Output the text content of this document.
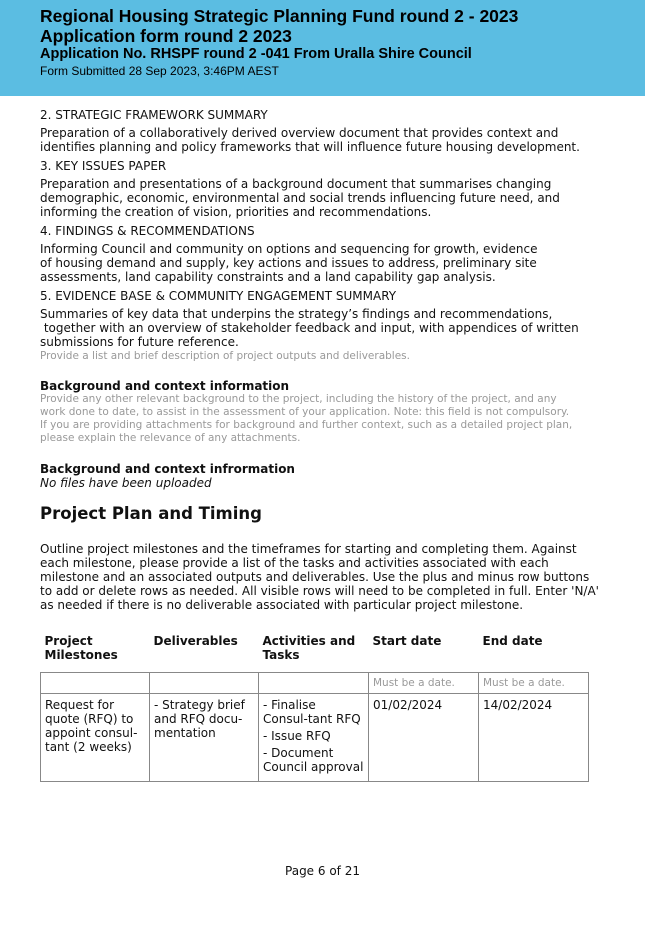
Regional Housing Strategic Planning Fund round 2 - 2023
Application form round 2 2023
Application No. RHSPF round 2 -041 From Uralla Shire Council
Form Submitted 28 Sep 2023, 3:46PM AEST
2. STRATEGIC FRAMEWORK SUMMARY
Preparation of a collaboratively derived overview document that provides context and
identifies planning and policy frameworks that will influence future housing development.
3. KEY ISSUES PAPER
Preparation and presentations of a background document that summarises changing
demographic, economic, environmental and social trends influencing future need, and
informing the creation of vision, priorities and recommendations.
4. FINDINGS & RECOMMENDATIONS
Informing Council and community on options and sequencing for growth, evidence
of housing demand and supply, key actions and issues to address, preliminary site
assessments, land capability constraints and a land capability gap analysis.
5. EVIDENCE BASE & COMMUNITY ENGAGEMENT SUMMARY
Summaries of key data that underpins the strategy’s findings and recommendations,
together with an overview of stakeholder feedback and input, with appendices of written
submissions for future reference.
Provide a list and brief description of project outputs and deliverables.
Background and context information
Provide any other relevant background to the project, including the history of the project, and any
work done to date, to assist in the assessment of your application. Note: this field is not compulsory.
If you are providing attachments for background and further context, such as a detailed project plan,
please explain the relevance of any attachments.
Background and context infrormation
No files have been uploaded
Project Plan and Timing
Outline project milestones and the timeframes for starting and completing them. Against
each milestone, please provide a list of the tasks and activities associated with each
milestone and an associated outputs and deliverables. Use the plus and minus row buttons
to add or delete rows as needed. All visible rows will need to be completed in full. Enter 'N/A'
as needed if there is no deliverable associated with particular project milestone.
Project Milestones	Deliverables	Activities and Tasks	Start date	End date
			Must be a date.	Must be a date.
Request for quote (RFQ) to appoint consul-tant (2 weeks)	- Strategy brief and RFQ docu-mentation	- Finalise Consul-tant RFQ
- Issue RFQ
- Document Council approval	01/02/2024	14/02/2024
Page 6 of 21
